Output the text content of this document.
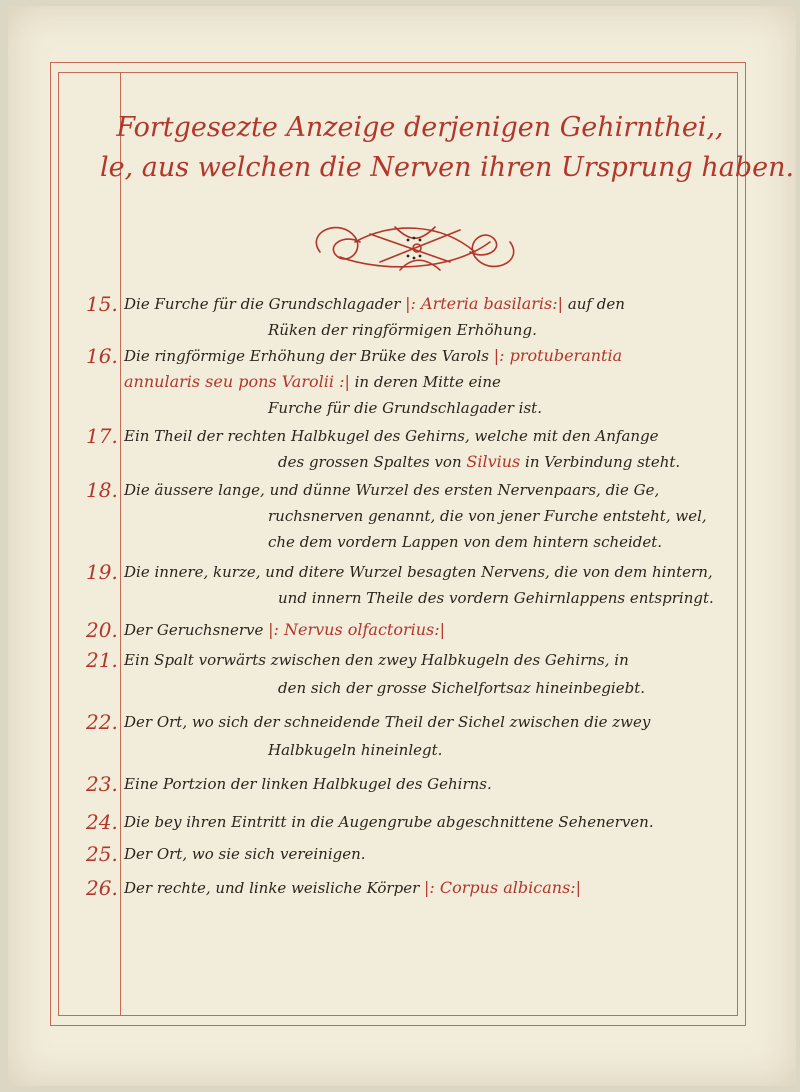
Fortgesezte Anzeige derjenigen Gehirnthei,,
le, aus welchen die Nerven ihren Ursprung haben.
15. Die Furche für die Grundschlagader |: Arteria basilaris:| auf den
Rüken der ringförmigen Erhöhung.
16. Die ringförmige Erhöhung der Brüke des Varols |: protuberantia
annularis seu pons Varolii :| in deren Mitte eine
Furche für die Grundschlagader ist.
17. Ein Theil der rechten Halbkugel des Gehirns, welche mit den Anfange
des grossen Spaltes von Silvius in Verbindung steht.
18. Die äussere lange, und dünne Wurzel des ersten Nervenpaars, die Ge,
ruchsnerven genannt, die von jener Furche entsteht, wel,
che dem vordern Lappen von dem hintern scheidet.
19. Die innere, kurze, und ditere Wurzel besagten Nervens, die von dem hintern,
und innern Theile des vordern Gehirnlappens entspringt.
20. Der Geruchsnerve |: Nervus olfactorius:|
21. Ein Spalt vorwärts zwischen den zwey Halbkugeln des Gehirns, in
den sich der grosse Sichelfortsaz hineinbegiebt.
22. Der Ort, wo sich der schneidende Theil der Sichel zwischen die zwey
Halbkugeln hineinlegt.
23. Eine Portzion der linken Halbkugel des Gehirns.
24. Die bey ihren Eintritt in die Augengrube abgeschnittene Sehenerven.
25. Der Ort, wo sie sich vereinigen.
26. Der rechte, und linke weisliche Körper |: Corpus albicans:|
